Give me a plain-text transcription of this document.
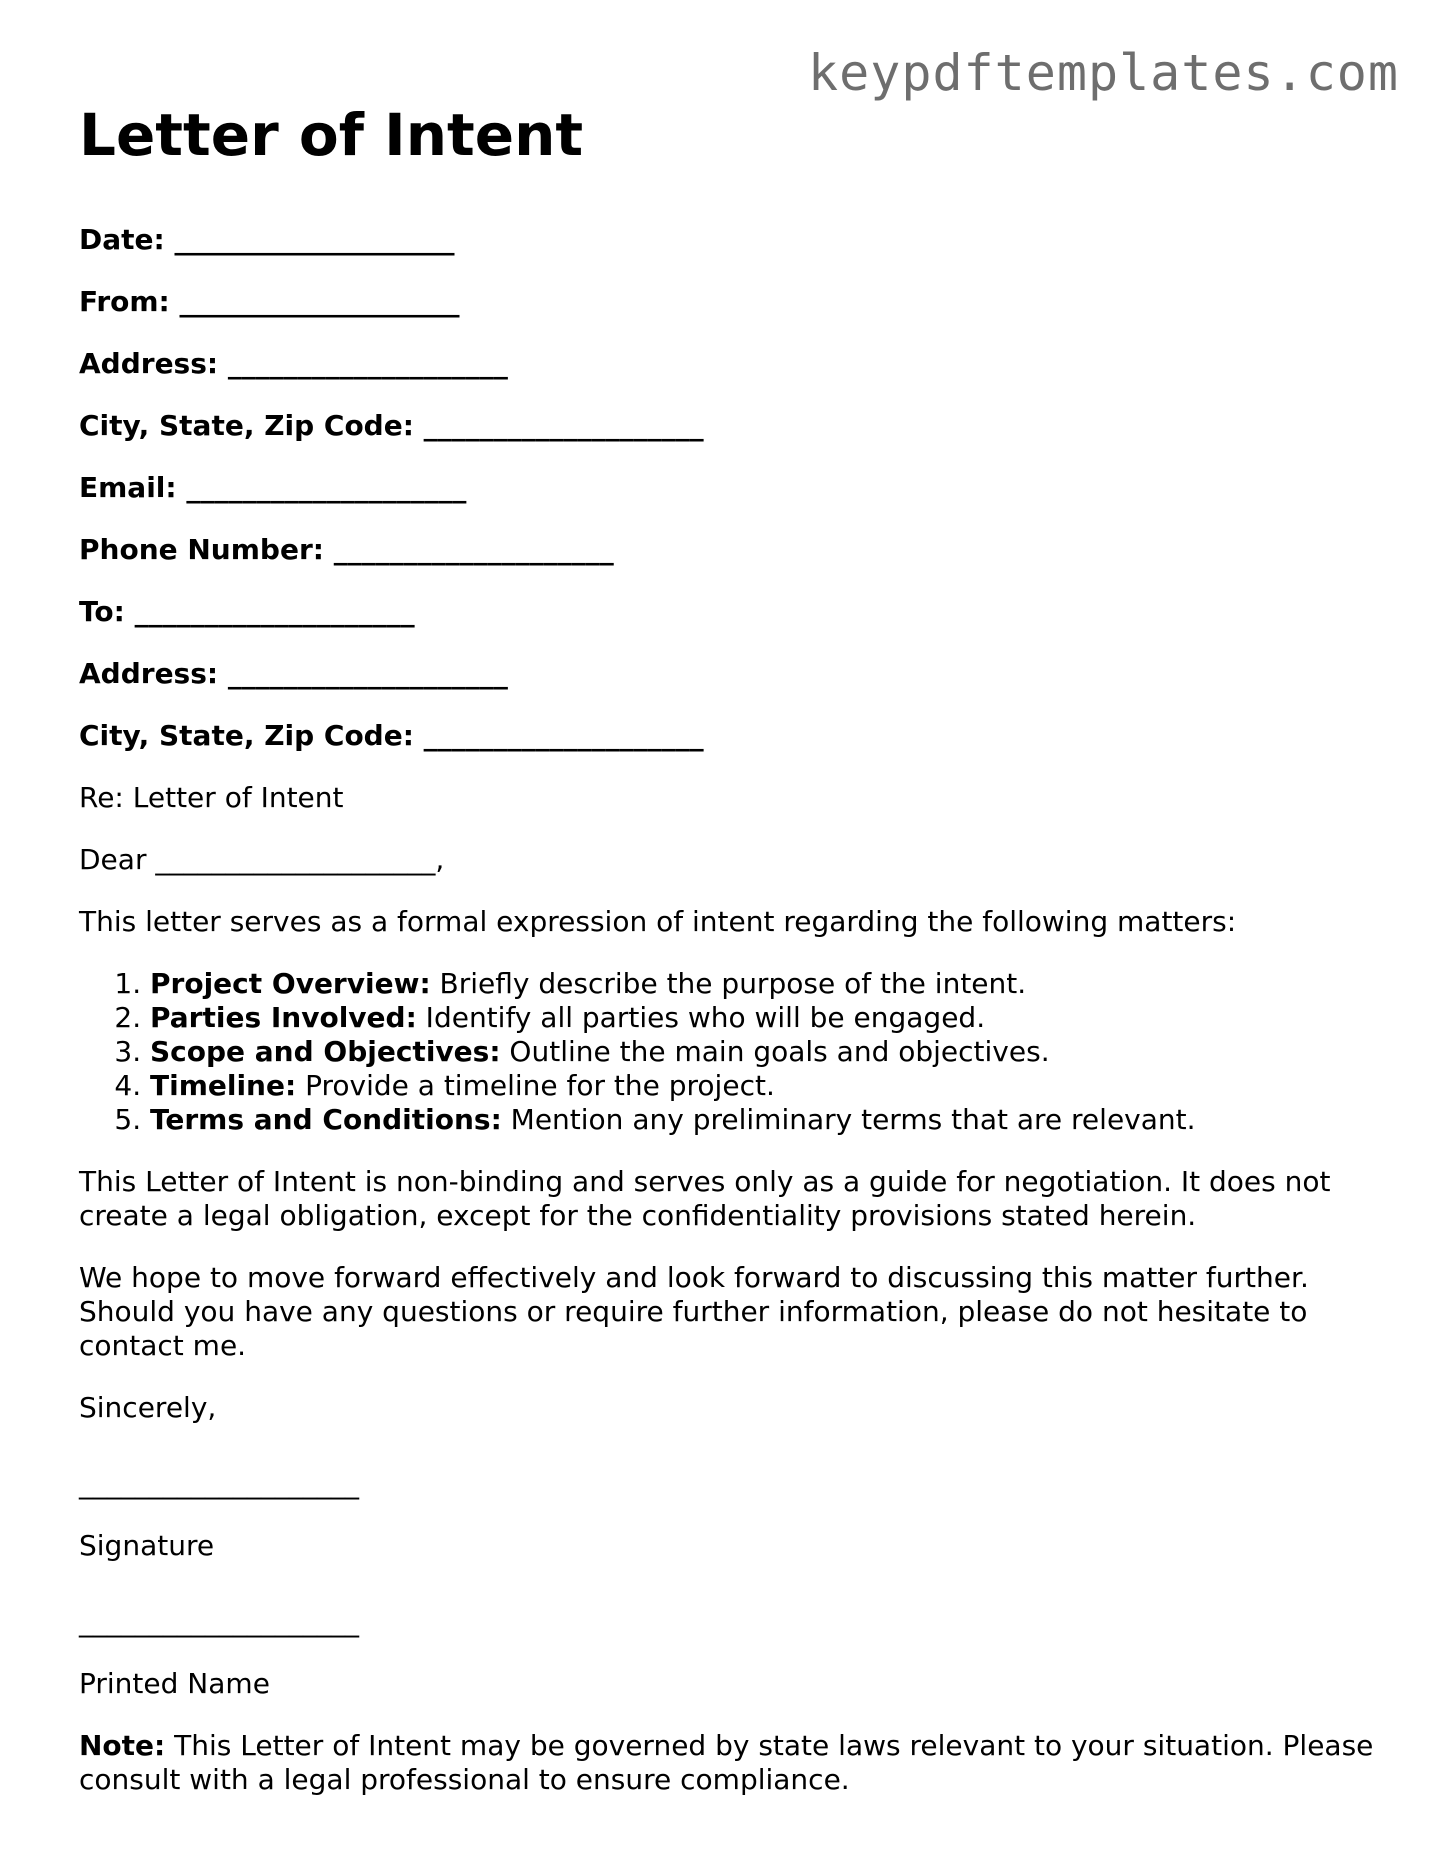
keypdftemplates.com
Letter of Intent
Date: ____________________
From: ____________________
Address: ____________________
City, State, Zip Code: ____________________
Email: ____________________
Phone Number: ____________________
To: ____________________
Address: ____________________
City, State, Zip Code: ____________________

Re: Letter of Intent

Dear ____________________,

This letter serves as a formal expression of intent regarding the following matters:

1. Project Overview: Briefly describe the purpose of the intent.
2. Parties Involved: Identify all parties who will be engaged.
3. Scope and Objectives: Outline the main goals and objectives.
4. Timeline: Provide a timeline for the project.
5. Terms and Conditions: Mention any preliminary terms that are relevant.

This Letter of Intent is non-binding and serves only as a guide for negotiation. It does not create a legal obligation, except for the confidentiality provisions stated herein.

We hope to move forward effectively and look forward to discussing this matter further. Should you have any questions or require further information, please do not hesitate to contact me.

Sincerely,

____________________
Signature
____________________
Printed Name

Note: This Letter of Intent may be governed by state laws relevant to your situation. Please consult with a legal professional to ensure compliance.
